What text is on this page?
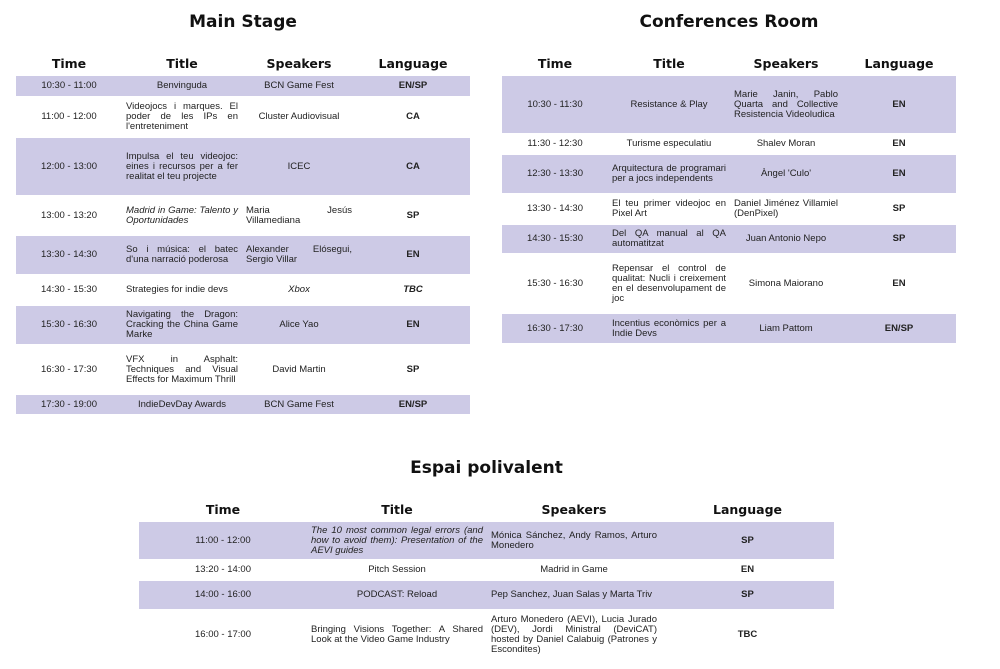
Main Stage
Time	Title	Speakers	Language
10:30 - 11:00	Benvinguda	BCN Game Fest	EN/SP
11:00 - 12:00	Videojocs i marques. El poder de les IPs en l'entreteniment	Cluster Audiovisual	CA
12:00 - 13:00	Impulsa el teu videojoc: eines i recursos per a fer realitat el teu projecte	ICEC	CA
13:00 - 13:20	Madrid in Game: Talento y Oportunidades	Maria Jesús Villamediana	SP
13:30 - 14:30	So i música: el batec d'una narració poderosa	Alexander Elósegui, Sergio Villar	EN
14:30 - 15:30	Strategies for indie devs	Xbox	TBC
15:30 - 16:30	Navigating the Dragon: Cracking the China Game Marke	Alice Yao	EN
16:30 - 17:30	VFX in Asphalt: Techniques and Visual Effects for Maximum Thrill	David Martin	SP
17:30 - 19:00	IndieDevDay Awards	BCN Game Fest	EN/SP
Conferences Room
Time	Title	Speakers	Language
10:30 - 11:30	Resistance & Play	Marie Janin, Pablo Quarta and Collective Resistencia Videoludica	EN
11:30 - 12:30	Turisme especulatiu	Shalev Moran	EN
12:30 - 13:30	Arquitectura de programari per a jocs independents	Àngel 'Culo'	EN
13:30 - 14:30	El teu primer videojoc en Pixel Art	Daniel Jiménez Villamiel (DenPixel)	SP
14:30 - 15:30	Del QA manual al QA automatitzat	Juan Antonio Nepo	SP
15:30 - 16:30	Repensar el control de qualitat: Nucli i creixement en el desenvolupament de joc	Simona Maiorano	EN
16:30 - 17:30	Incentius econòmics per a Indie Devs	Liam Pattom	EN/SP
Espai polivalent
Time	Title	Speakers	Language
11:00 - 12:00	The 10 most common legal errors (and how to avoid them): Presentation of the AEVI guides	Mónica Sánchez, Andy Ramos, Arturo Monedero	SP
13:20 - 14:00	Pitch Session	Madrid in Game	EN
14:00 - 16:00	PODCAST: Reload	Pep Sanchez, Juan Salas y Marta Triv	SP
16:00 - 17:00	Bringing Visions Together: A Shared Look at the Video Game Industry	Arturo Monedero (AEVI), Lucia Jurado (DEV), Jordi Ministral (DeviCAT) hosted by Daniel Calabuig (Patrones y Escondites)	TBC
